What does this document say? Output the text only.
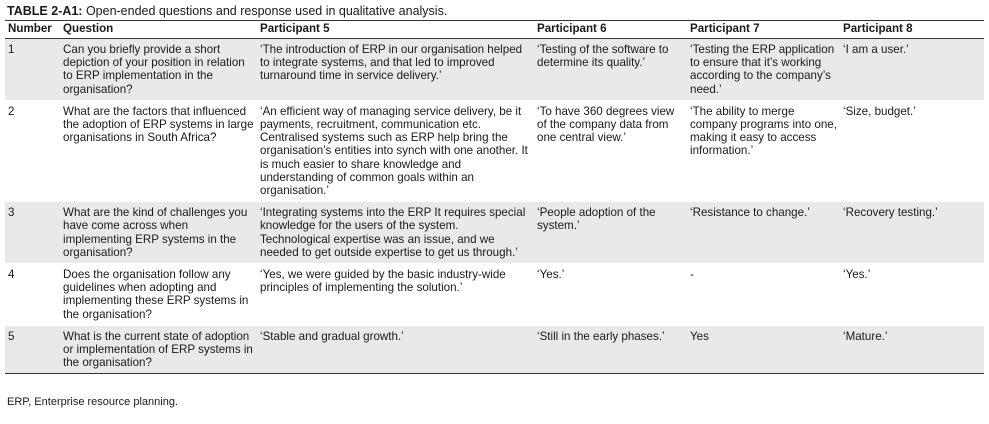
TABLE 2-A1: Open-ended questions and response used in qualitative analysis.
Number	Question	Participant 5	Participant 6	Participant 7	Participant 8
1	Can you briefly provide a short depiction of your position in relation to ERP implementation in the organisation?	‘The introduction of ERP in our organisation helped to integrate systems, and that led to improved turnaround time in service delivery.’	‘Testing of the software to determine its quality.’	‘Testing the ERP application to ensure that it’s working according to the company’s need.’	‘I am a user.’
2	What are the factors that influenced the adoption of ERP systems in large organisations in South Africa?	‘An efficient way of managing service delivery, be it payments, recruitment, communication etc. Centralised systems such as ERP help bring the organisation’s entities into synch with one another. It is much easier to share knowledge and understanding of common goals within an organisation.’	‘To have 360 degrees view of the company data from one central view.’	‘The ability to merge company programs into one, making it easy to access information.’	‘Size, budget.’
3	What are the kind of challenges you have come across when implementing ERP systems in the organisation?	‘Integrating systems into the ERP It requires special knowledge for the users of the system. Technological expertise was an issue, and we needed to get outside expertise to get us through.’	‘People adoption of the system.’	‘Resistance to change.’	‘Recovery testing.’
4	Does the organisation follow any guidelines when adopting and implementing these ERP systems in the organisation?	‘Yes, we were guided by the basic industry-wide principles of implementing the solution.’	‘Yes.’	-	‘Yes.’
5	What is the current state of adoption or implementation of ERP systems in the organisation?	‘Stable and gradual growth.’	‘Still in the early phases.’	Yes	‘Mature.’
ERP, Enterprise resource planning.
